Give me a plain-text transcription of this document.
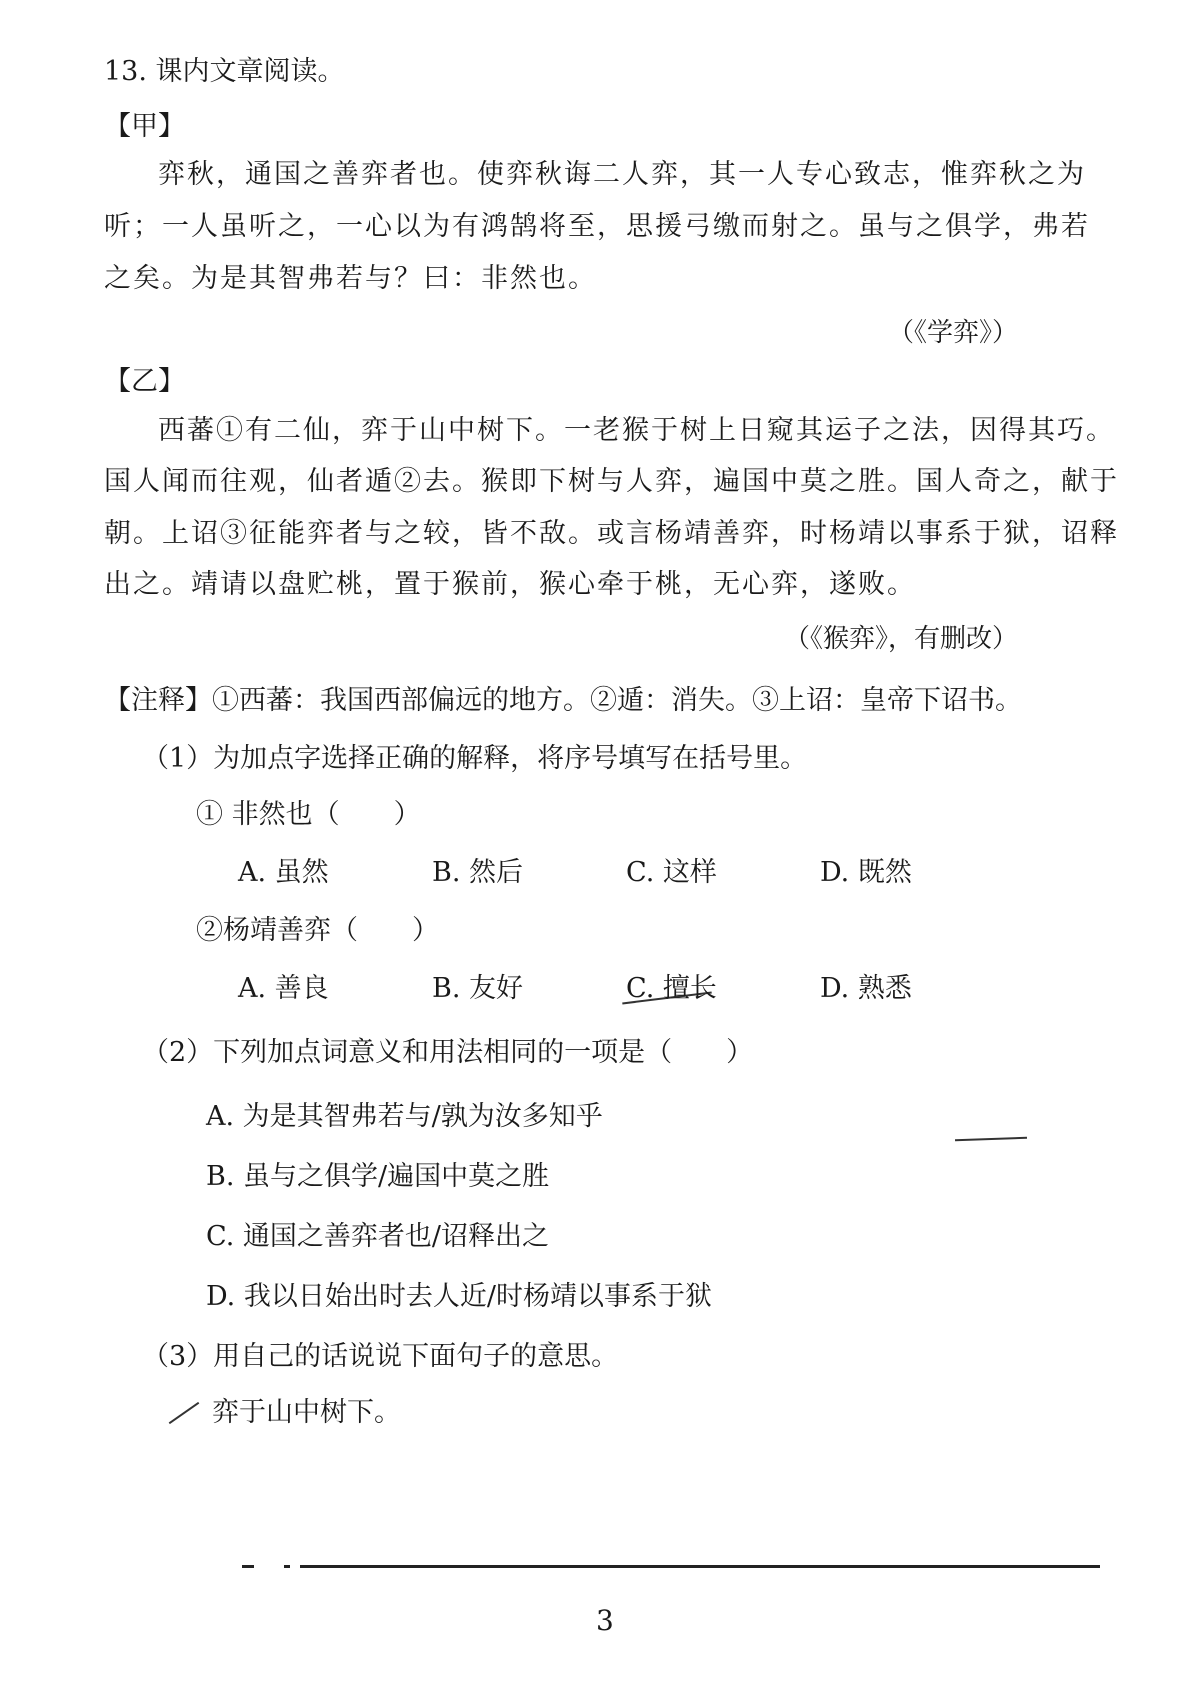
13. 课内文章阅读。
【甲】
弈秋，通国之善弈者也。使弈秋诲二人弈，其一人专心致志，惟弈秋之为
听；一人虽听之，一心以为有鸿鹄将至，思援弓缴而射之。虽与之俱学，弗若
之矣。为是其智弗若与？曰：非然也。
（《学弈》）
【乙】
西蕃①有二仙，弈于山中树下。一老猴于树上日窥其运子之法，因得其巧。
国人闻而往观，仙者遁②去。猴即下树与人弈，遍国中莫之胜。国人奇之，献于
朝。上诏③征能弈者与之较，皆不敌。或言杨靖善弈，时杨靖以事系于狱，诏释
出之。靖请以盘贮桃，置于猴前，猴心牵于桃，无心弈，遂败。
（《猴弈》，有删改）
【注释】①西蕃：我国西部偏远的地方。②遁：消失。③上诏：皇帝下诏书。
（1）为加点字选择正确的解释，将序号填写在括号里。
① 非然也（　　）
A. 虽然	B. 然后	C. 这样	D. 既然
②杨靖善弈（　　）
A. 善良	B. 友好	C. 擅长	D. 熟悉
（2）下列加点词意义和用法相同的一项是（　　）
A. 为是其智弗若与/孰为汝多知乎
B. 虽与之俱学/遍国中莫之胜
C. 通国之善弈者也/诏释出之
D. 我以日始出时去人近/时杨靖以事系于狱
（3）用自己的话说说下面句子的意思。
弈于山中树下。
3
